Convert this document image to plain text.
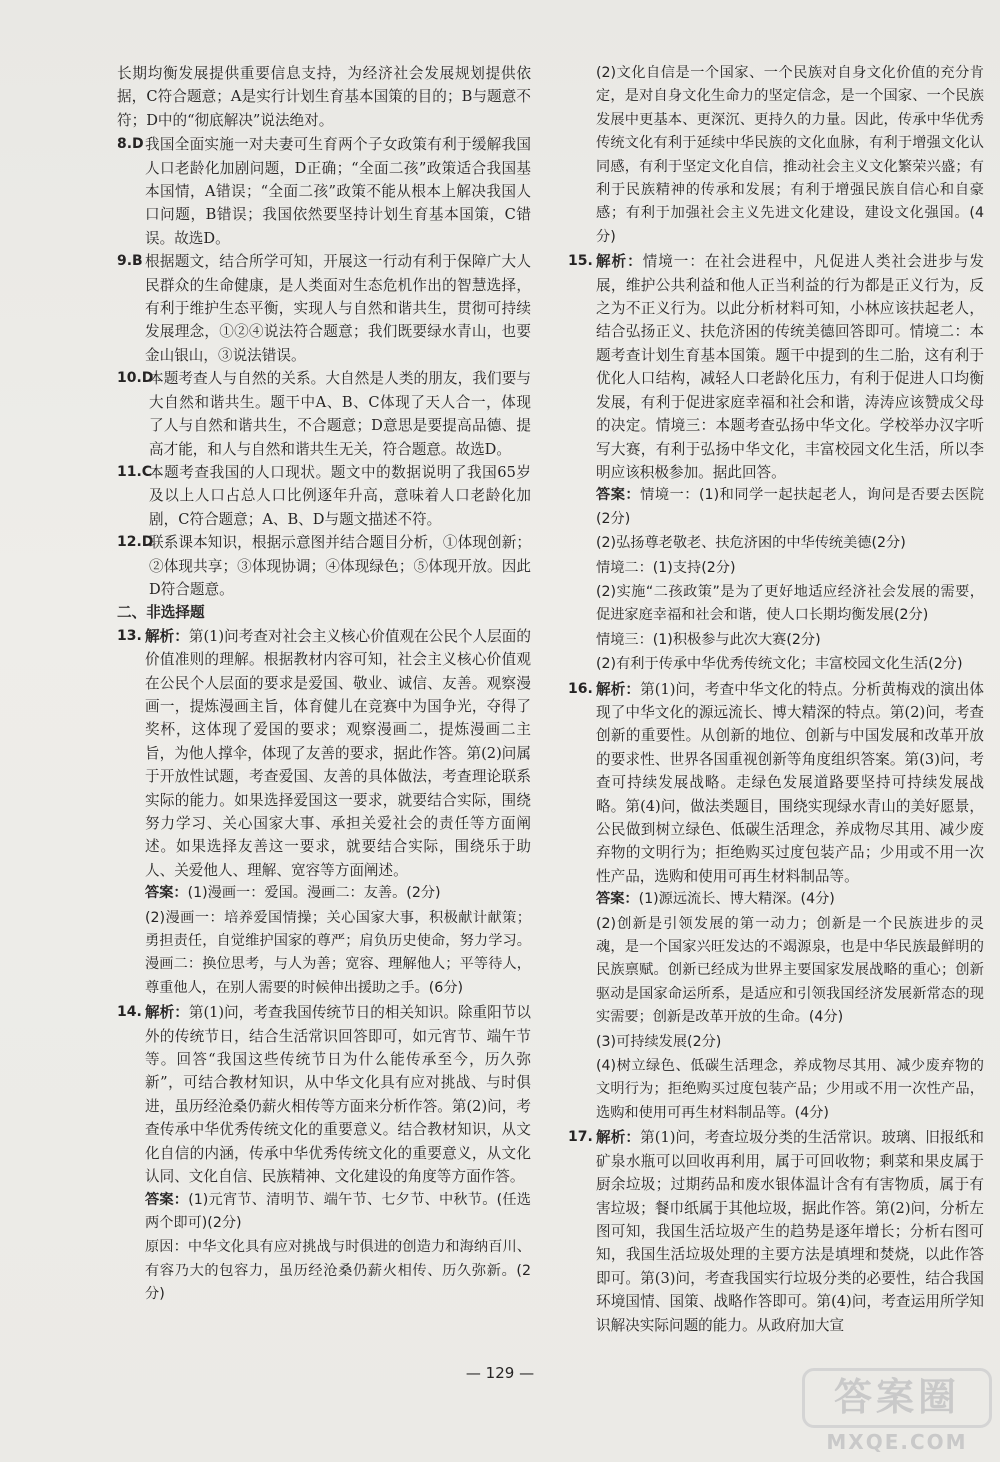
长期均衡发展提供重要信息支持，为经济社会发展规划提供依据，C符合题意；A是实行计划生育基本国策的目的；B与题意不符；D中的“彻底解决”说法绝对。

8.D 我国全面实施一对夫妻可生育两个子女政策有利于缓解我国人口老龄化加剧问题，D正确；“全面二孩”政策适合我国基本国情，A错误；“全面二孩”政策不能从根本上解决我国人口问题，B错误；我国依然要坚持计划生育基本国策，C错误。故选D。
9.B 根据题文，结合所学可知，开展这一行动有利于保障广大人民群众的生命健康，是人类面对生态危机作出的智慧选择，有利于维护生态平衡，实现人与自然和谐共生，贯彻可持续发展理念，①②④说法符合题意；我们既要绿水青山，也要金山银山，③说法错误。
10.D
本题考查人与自然的关系。大自然是人类的朋友，我们要与大自然和谐共生。题干中A、B、C体现了天人合一，体现了人与自然和谐共生，不合题意；D意思是要提高品德、提高才能，和人与自然和谐共生无关，符合题意。故选D。
11.C
本题考查我国的人口现状。题文中的数据说明了我国65岁及以上人口占总人口比例逐年升高，意味着人口老龄化加剧，C符合题意；A、B、D与题文描述不符。
12.D
联系课本知识，根据示意图并结合题目分析，①体现创新；②体现共享；③体现协调；④体现绿色；⑤体现开放。因此D符合题意。

二、非选择题

13. 解析：第(1)问考查对社会主义核心价值观在公民个人层面的价值准则的理解。根据教材内容可知，社会主义核心价值观在公民个人层面的要求是爱国、敬业、诚信、友善。观察漫画一，提炼漫画主旨，体育健儿在竞赛中为国争光，夺得了奖杯，这体现了爱国的要求；观察漫画二，提炼漫画二主旨，为他人撑伞，体现了友善的要求，据此作答。第(2)问属于开放性试题，考查爱国、友善的具体做法，考查理论联系实际的能力。如果选择爱国这一要求，就要结合实际，围绕努力学习、关心国家大事、承担关爱社会的责任等方面阐述。如果选择友善这一要求，就要结合实际，围绕乐于助人、关爱他人、理解、宽容等方面阐述。

答案：(1)漫画一：爱国。漫画二：友善。(2分)

(2)漫画一：培养爱国情操；关心国家大事，积极献计献策；勇担责任，自觉维护国家的尊严；肩负历史使命，努力学习。漫画二：换位思考，与人为善；宽容、理解他人；平等待人，尊重他人，在别人需要的时候伸出援助之手。(6分)

14. 解析：第(1)问，考查我国传统节日的相关知识。除重阳节以外的传统节日，结合生活常识回答即可，如元宵节、端午节等。回答“我国这些传统节日为什么能传承至今，历久弥新”，可结合教材知识，从中华文化具有应对挑战、与时俱进，虽历经沧桑仍薪火相传等方面来分析作答。第(2)问，考查传承中华优秀传统文化的重要意义。结合教材知识，从文化自信的内涵，传承中华优秀传统文化的重要意义，从文化认同、文化自信、民族精神、文化建设的角度等方面作答。

答案：(1)元宵节、清明节、端午节、七夕节、中秋节。(任选两个即可)(2分)

原因：中华文化具有应对挑战与时俱进的创造力和海纳百川、有容乃大的包容力，虽历经沧桑仍薪火相传、历久弥新。(2分)

(2)文化自信是一个国家、一个民族对自身文化价值的充分肯定，是对自身文化生命力的坚定信念，是一个国家、一个民族发展中更基本、更深沉、更持久的力量。因此，传承中华优秀传统文化有利于延续中华民族的文化血脉，有利于增强文化认同感，有利于坚定文化自信，推动社会主义文化繁荣兴盛；有利于民族精神的传承和发展；有利于增强民族自信心和自豪感；有利于加强社会主义先进文化建设，建设文化强国。(4分)

15. 解析：情境一：在社会进程中，凡促进人类社会进步与发展，维护公共利益和他人正当利益的行为都是正义行为，反之为不正义行为。以此分析材料可知，小林应该扶起老人，结合弘扬正义、扶危济困的传统美德回答即可。情境二：本题考查计划生育基本国策。题干中提到的生二胎，这有利于优化人口结构，减轻人口老龄化压力，有利于促进人口均衡发展，有利于促进家庭幸福和社会和谐，涛涛应该赞成父母的决定。情境三：本题考查弘扬中华文化。学校举办汉字听写大赛，有利于弘扬中华文化，丰富校园文化生活，所以李明应该积极参加。据此回答。

答案：情境一：(1)和同学一起扶起老人，询问是否要去医院(2分)

(2)弘扬尊老敬老、扶危济困的中华传统美德(2分)

情境二：(1)支持(2分)

(2)实施“二孩政策”是为了更好地适应经济社会发展的需要，促进家庭幸福和社会和谐，使人口长期均衡发展(2分)

情境三：(1)积极参与此次大赛(2分)

(2)有利于传承中华优秀传统文化；丰富校园文化生活(2分)

16. 解析：第(1)问，考查中华文化的特点。分析黄梅戏的演出体现了中华文化的源远流长、博大精深的特点。第(2)问，考查创新的重要性。从创新的地位、创新与中国发展和改革开放的要求性、世界各国重视创新等角度组织答案。第(3)问，考查可持续发展战略。走绿色发展道路要坚持可持续发展战略。第(4)问，做法类题目，围绕实现绿水青山的美好愿景，公民做到树立绿色、低碳生活理念，养成物尽其用、减少废弃物的文明行为；拒绝购买过度包装产品；少用或不用一次性产品，选购和使用可再生材料制品等。

答案：(1)源远流长、博大精深。(4分)

(2)创新是引领发展的第一动力；创新是一个民族进步的灵魂，是一个国家兴旺发达的不竭源泉，也是中华民族最鲜明的民族禀赋。创新已经成为世界主要国家发展战略的重心；创新驱动是国家命运所系，是适应和引领我国经济发展新常态的现实需要；创新是改革开放的生命。(4分)

(3)可持续发展(2分)

(4)树立绿色、低碳生活理念，养成物尽其用、减少废弃物的文明行为；拒绝购买过度包装产品；少用或不用一次性产品，选购和使用可再生材料制品等。(4分)

17. 解析：第(1)问，考查垃圾分类的生活常识。玻璃、旧报纸和矿泉水瓶可以回收再利用，属于可回收物；剩菜和果皮属于厨余垃圾；过期药品和废水银体温计含有有害物质，属于有害垃圾；餐巾纸属于其他垃圾，据此作答。第(2)问，分析左图可知，我国生活垃圾产生的趋势是逐年增长；分析右图可知，我国生活垃圾处理的主要方法是填埋和焚烧，以此作答即可。第(3)问，考查我国实行垃圾分类的必要性，结合我国环境国情、国策、战略作答即可。第(4)问，考查运用所学知识解决实际问题的能力。从政府加大宣
— 129 —
答案圈
MXQE.COM
